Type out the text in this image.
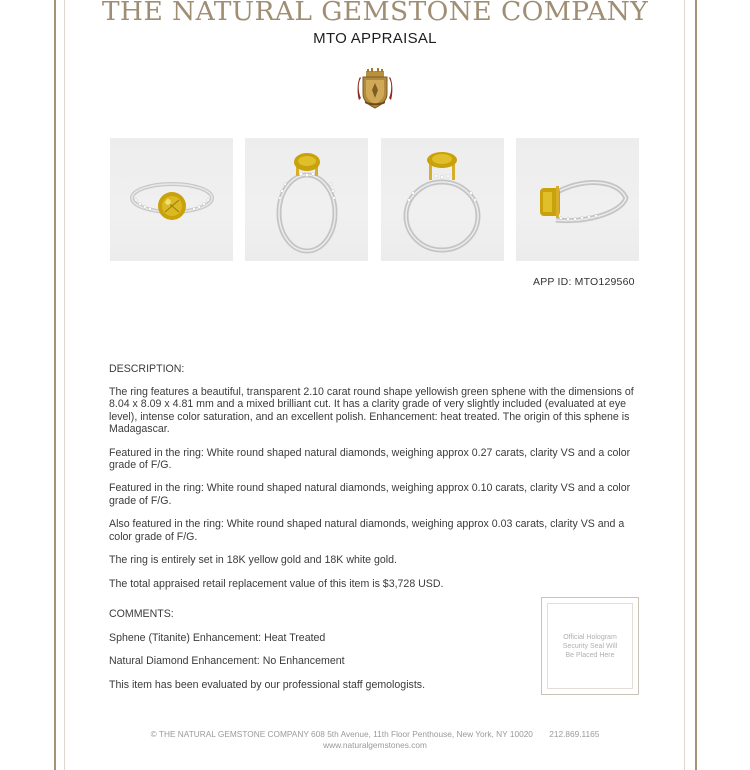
THE NATURAL GEMSTONE COMPANY
MTO APPRAISAL
APP ID: MTO129560

DESCRIPTION:

The ring features a beautiful, transparent 2.10 carat round shape yellowish green sphene with the dimensions of 8.04 x 8.09 x 4.81 mm and a mixed brilliant cut. It has a clarity grade of very slightly included (evaluated at eye level), intense color saturation, and an excellent polish. Enhancement: heat treated. The origin of this sphene is Madagascar.

Featured in the ring: White round shaped natural diamonds, weighing approx 0.27 carats, clarity VS and a color grade of F/G.

Featured in the ring: White round shaped natural diamonds, weighing approx 0.10 carats, clarity VS and a color grade of F/G.

Also featured in the ring: White round shaped natural diamonds, weighing approx 0.03 carats, clarity VS and a color grade of F/G.

The ring is entirely set in 18K yellow gold and 18K white gold.

The total appraised retail replacement value of this item is $3,728 USD.

COMMENTS:

Sphene (Titanite) Enhancement: Heat Treated

Natural Diamond Enhancement: No Enhancement

This item has been evaluated by our professional staff gemologists.

Official Hologram Security Seal Will Be Placed Here
© THE NATURAL GEMSTONE COMPANY 608 5th Avenue, 11th Floor Penthouse, New York, NY 10020 212.869.1165
www.naturalgemstones.com
